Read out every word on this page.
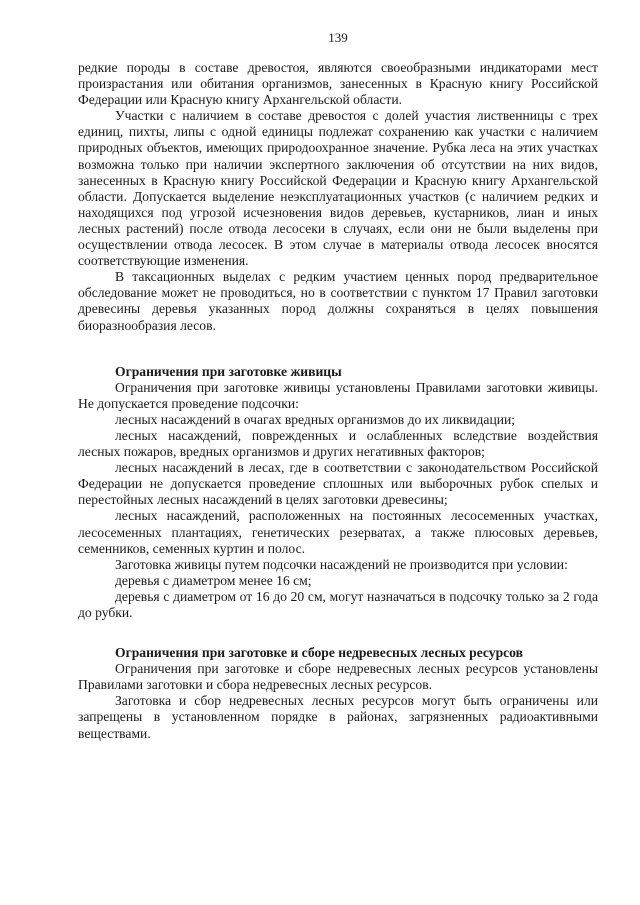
139

редкие породы в составе древостоя, являются своеобразными индикаторами мест произрастания или обитания организмов, занесенных в Красную книгу Российской Федерации или Красную книгу Архангельской области.

Участки с наличием в составе древостоя с долей участия лиственницы с трех единиц, пихты, липы с одной единицы подлежат сохранению как участки с наличием природных объектов, имеющих природоохранное значение. Рубка леса на этих участках возможна только при наличии экспертного заключения об отсутствии на них видов, занесенных в Красную книгу Российской Федерации и Красную книгу Архангельской области. Допускается выделение неэксплуатационных участков (с наличием редких и находящихся под угрозой исчезновения видов деревьев, кустарников, лиан и иных лесных растений) после отвода лесосеки в случаях, если они не были выделены при осуществлении отвода лесосек. В этом случае в материалы отвода лесосек вносятся соответствующие изменения.

В таксационных выделах с редким участием ценных пород предварительное обследование может не проводиться, но в соответствии с пунктом 17 Правил заготовки древесины деревья указанных пород должны сохраняться в целях повышения биоразнообразия лесов.

Ограничения при заготовке живицы

Ограничения при заготовке живицы установлены Правилами заготовки живицы. Не допускается проведение подсочки:

лесных насаждений в очагах вредных организмов до их ликвидации;

лесных насаждений, поврежденных и ослабленных вследствие воздействия лесных пожаров, вредных организмов и других негативных факторов;

лесных насаждений в лесах, где в соответствии с законодательством Российской Федерации не допускается проведение сплошных или выборочных рубок спелых и перестойных лесных насаждений в целях заготовки древесины;

лесных насаждений, расположенных на постоянных лесосеменных участках, лесосеменных плантациях, генетических резерватах, а также плюсовых деревьев, семенников, семенных куртин и полос.

Заготовка живицы путем подсочки насаждений не производится при условии:

деревья с диаметром менее 16 см;

деревья с диаметром от 16 до 20 см, могут назначаться в подсочку только за 2 года до рубки.

Ограничения при заготовке и сборе недревесных лесных ресурсов

Ограничения при заготовке и сборе недревесных лесных ресурсов установлены Правилами заготовки и сбора недревесных лесных ресурсов.

Заготовка и сбор недревесных лесных ресурсов могут быть ограничены или запрещены в установленном порядке в районах, загрязненных радиоактивными веществами.
